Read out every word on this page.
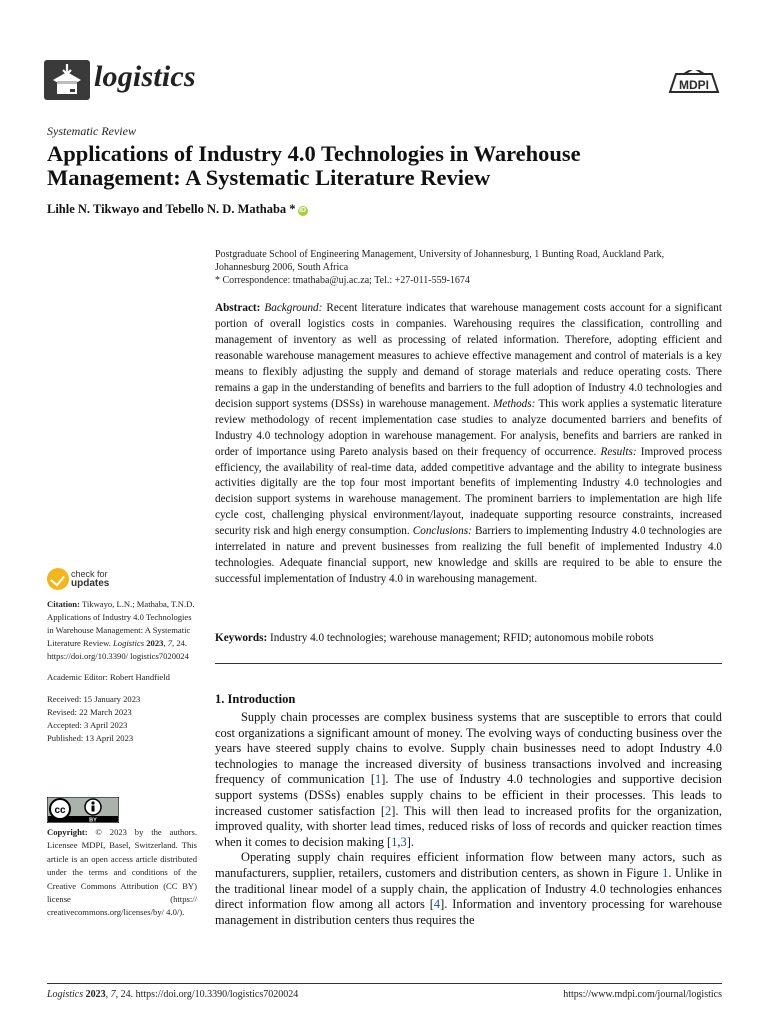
logistics	MDPI
Systematic Review
Applications of Industry 4.0 Technologies in Warehouse
Management: A Systematic Literature Review
Lihle N. Tikwayo and Tebello N. D. Mathaba * iD
Postgraduate School of Engineering Management, University of Johannesburg, 1 Bunting Road, Auckland Park,
Johannesburg 2006, South Africa
* Correspondence: tmathaba@uj.ac.za; Tel.: +27-011-559-1674
Abstract: Background: Recent literature indicates that warehouse management costs account for a significant portion of overall logistics costs in companies. Warehousing requires the classification, controlling and management of inventory as well as processing of related information. Therefore, adopting efficient and reasonable warehouse management measures to achieve effective management and control of materials is a key means to flexibly adjusting the supply and demand of storage materials and reduce operating costs. There remains a gap in the understanding of benefits and barriers to the full adoption of Industry 4.0 technologies and decision support systems (DSSs) in warehouse management. Methods: This work applies a systematic literature review methodology of recent implementation case studies to analyze documented barriers and benefits of Industry 4.0 technology adoption in warehouse management. For analysis, benefits and barriers are ranked in order of importance using Pareto analysis based on their frequency of occurrence. Results: Improved process efficiency, the availability of real-time data, added competitive advantage and the ability to integrate business activities digitally are the top four most important benefits of implementing Industry 4.0 technologies and decision support systems in warehouse management. The prominent barriers to implementation are high life cycle cost, challenging physical environment/layout, inadequate supporting resource constraints, increased security risk and high energy consumption. Conclusions: Barriers to implementing Industry 4.0 technologies are interrelated in nature and prevent businesses from realizing the full benefit of implemented Industry 4.0 technologies. Adequate financial support, new knowledge and skills are required to be able to ensure the successful implementation of Industry 4.0 in warehousing management.
Keywords: Industry 4.0 technologies; warehouse management; RFID; autonomous mobile robots
1. Introduction

Supply chain processes are complex business systems that are susceptible to errors that could cost organizations a significant amount of money. The evolving ways of conducting business over the years have steered supply chains to evolve. Supply chain businesses need to adopt Industry 4.0 technologies to manage the increased diversity of business transactions involved and increasing frequency of communication [1]. The use of Industry 4.0 technologies and supportive decision support systems (DSSs) enables supply chains to be efficient in their processes. This leads to increased customer satisfaction [2]. This will then lead to increased profits for the organization, improved quality, with shorter lead times, reduced risks of loss of records and quicker reaction times when it comes to decision making [1,3].

Operating supply chain requires efficient information flow between many actors, such as manufacturers, supplier, retailers, customers and distribution centers, as shown in Figure 1. Unlike in the traditional linear model of a supply chain, the application of Industry 4.0 technologies enhances direct information flow among all actors [4]. Information and inventory processing for warehouse management in distribution centers thus requires the

check for
updates
Citation: Tikwayo, L.N.; Mathaba, T.N.D. Applications of Industry 4.0 Technologies in Warehouse Management: A Systematic Literature Review. Logistics 2023, 7, 24. https://doi.org/10.3390/ logistics7020024
Academic Editor: Robert Handfield
Received: 15 January 2023
Revised: 22 March 2023
Accepted: 3 April 2023
Published: 13 April 2023
cc
BY
Copyright: © 2023 by the authors. Licensee MDPI, Basel, Switzerland. This article is an open access article distributed under the terms and conditions of the Creative Commons Attribution (CC BY) license (https:// creativecommons.org/licenses/by/ 4.0/).
Logistics 2023, 7, 24. https://doi.org/10.3390/logistics7020024	https://www.mdpi.com/journal/logistics
